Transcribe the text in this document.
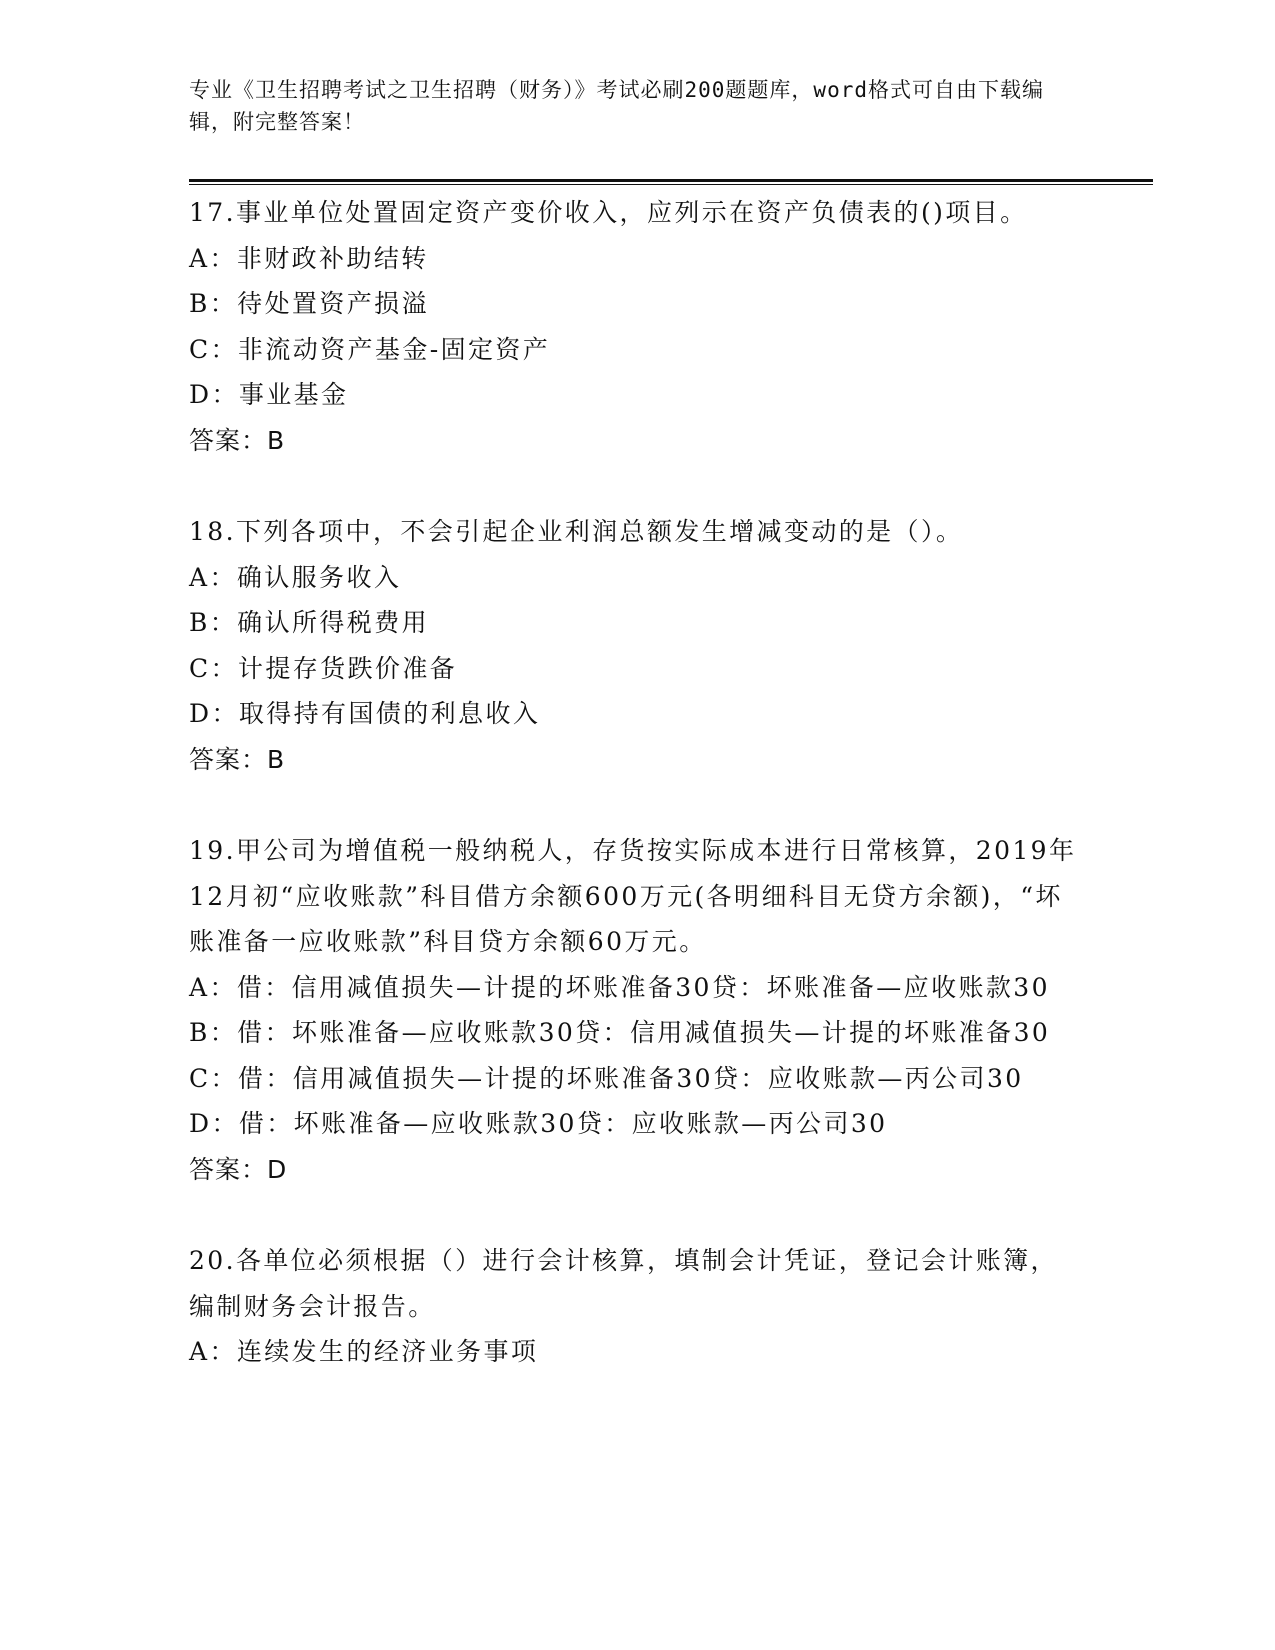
专业《卫生招聘考试之卫生招聘（财务）》考试必刷200题题库，word格式可自由下载编辑，附完整答案！

17.事业单位处置固定资产变价收入，应列示在资产负债表的()项目。

A：非财政补助结转

B：待处置资产损溢

C：非流动资产基金-固定资产

D：事业基金

答案：B

18.下列各项中，不会引起企业利润总额发生增减变动的是（）。

A：确认服务收入

B：确认所得税费用

C：计提存货跌价准备

D：取得持有国债的利息收入

答案：B

19.甲公司为增值税一般纳税人，存货按实际成本进行日常核算，2019年12月初“应收账款”科目借方余额600万元(各明细科目无贷方余额)，“坏账准备一应收账款”科目贷方余额60万元。

A：借：信用减值损失—计提的坏账准备30贷：坏账准备—应收账款30

B：借：坏账准备—应收账款30贷：信用减值损失—计提的坏账准备30

C：借：信用减值损失—计提的坏账准备30贷：应收账款—丙公司30

D：借：坏账准备—应收账款30贷：应收账款—丙公司30

答案：D

20.各单位必须根据（）进行会计核算，填制会计凭证，登记会计账簿，编制财务会计报告。

A：连续发生的经济业务事项
